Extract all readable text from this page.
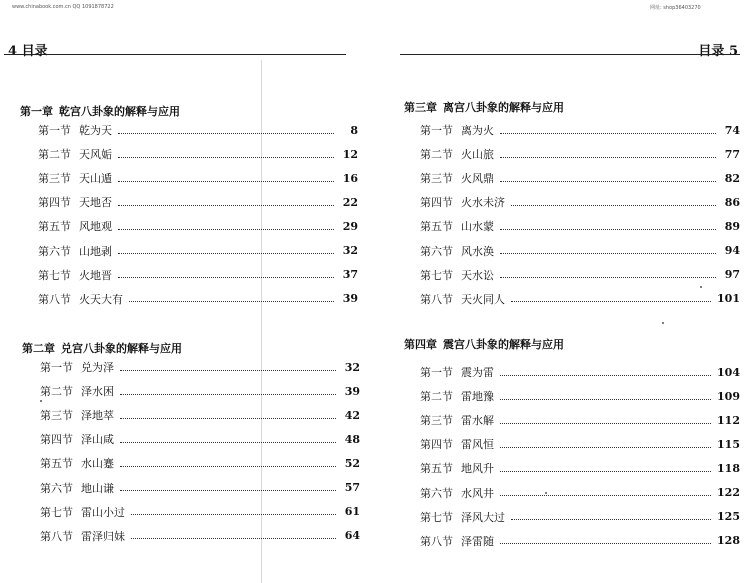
www.chinabook.com.cn QQ 1091878722	网址: shop36403270
4 目录	目录 5
第一章 乾宫八卦象的解释与应用
第一节 乾为天	8
第二节 天风姤	12
第三节 天山遁	16
第四节 天地否	22
第五节 风地观	29
第六节 山地剥	32
第七节 火地晋	37
第八节 火天大有	39
第二章 兑宫八卦象的解释与应用
第一节 兑为泽	32
第二节 泽水困	39
第三节 泽地萃	42
第四节 泽山咸	48
第五节 水山蹇	52
第六节 地山谦	57
第七节 雷山小过	61
第八节 雷泽归妹	64
第三章 离宫八卦象的解释与应用
第一节 离为火	74
第二节 火山旅	77
第三节 火风鼎	82
第四节 火水未济	86
第五节 山水蒙	89
第六节 风水涣	94
第七节 天水讼	97
第八节 天火同人	101
第四章 震宫八卦象的解释与应用
第一节 震为雷	104
第二节 雷地豫	109
第三节 雷水解	112
第四节 雷风恒	115
第五节 地风升	118
第六节 水风井	122
第七节 泽风大过	125
第八节 泽雷随	128
